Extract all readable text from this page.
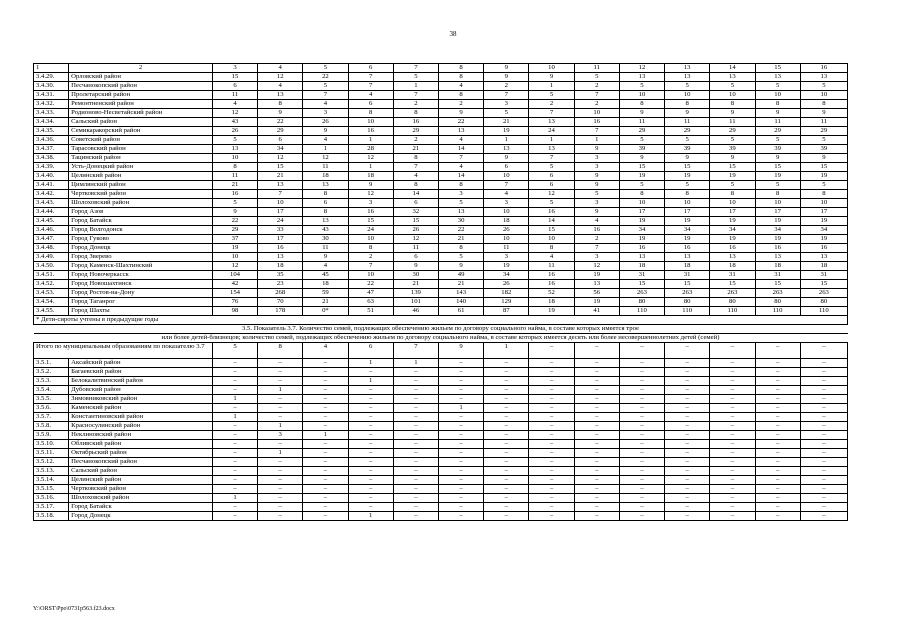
38
1	2	3	4	5	6	7	8	9	10	11	12	13	14	15	16
3.4.29.	Орловский район	15	12	22	7	5	8	9	9	5	13	13	13	13	13
3.4.30.	Песчанокопский район	6	4	5	7	1	4	2	1	2	5	5	5	5	5
3.4.31.	Пролетарский район	11	13	7	4	7	8	7	5	7	10	10	10	10	10
3.4.32.	Ремонтненский район	4	8	4	6	2	2	3	2	2	8	8	8	8	8
3.4.33.	Родионово-Несветайский район	12	9	3	8	8	9	5	7	10	9	9	9	9	9
3.4.34.	Сальский район	43	22	26	10	16	22	21	13	16	11	11	11	11	11
3.4.35.	Семикаракорский район	26	29	9	16	29	13	19	24	7	29	29	29	29	29
3.4.36.	Советский район	5	6	4	1	2	4	1	1	1	5	5	5	5	5
3.4.37.	Тарасовский район	13	34	1	28	21	14	13	13	9	39	39	39	39	39
3.4.38.	Тацинский район	10	12	12	12	8	7	9	7	3	9	9	9	9	9
3.4.39.	Усть-Донецкий район	8	15	11	1	7	4	6	5	3	15	15	15	15	15
3.4.40.	Целинский район	11	21	18	18	4	14	10	6	9	19	19	19	19	19
3.4.41.	Цимлянский район	21	13	13	9	8	8	7	6	9	5	5	5	5	5
3.4.42.	Чертковский район	16	7	8	12	14	3	4	12	5	8	8	8	8	8
3.4.43.	Шолоховский район	5	10	6	3	6	5	3	5	3	10	10	10	10	10
3.4.44.	Город Азов	9	17	8	16	32	13	10	16	9	17	17	17	17	17
3.4.45.	Город Батайск	22	24	13	15	15	30	18	14	4	19	19	19	19	19
3.4.46.	Город Волгодонск	29	33	43	24	26	22	26	15	16	34	34	34	34	34
3.4.47.	Город Гуково	37	17	30	10	12	21	10	10	2	19	19	19	19	19
3.4.48.	Город Донецк	19	16	11	8	11	8	11	8	7	16	16	16	16	16
3.4.49.	Город Зверево	10	13	9	2	6	5	3	4	3	13	13	13	13	13
3.4.50.	Город Каменск-Шахтинский	12	18	4	7	9	9	19	11	12	18	18	18	18	18
3.4.51.	Город Новочеркасск	104	35	45	10	30	49	34	16	19	31	31	31	31	31
3.4.52.	Город Новошахтинск	42	23	18	22	21	21	26	16	13	15	15	15	15	15
3.4.53.	Город Ростов-на-Дону	154	268	59	47	139	143	182	52	56	263	263	263	263	263
3.4.54.	Город Таганрог	76	70	21	63	101	140	129	18	19	80	80	80	80	80
3.4.55.	Город Шахты	98	178	0*	51	46	61	87	19	41	110	110	110	110	110
* Дети-сироты учтены в предыдущие годы															
3.5. Показатель 3.7. Количество семей, подлежащих обеспечению жильем по договору социального найма, в составе которых имеется трое															
или более детей-близнецов; количество семей, подлежащих обеспечению жильем по договору социального найма, в составе которых имеется десять или более несовершеннолетних детей (семей)															
Итого по муниципальным образованиям по показателю 3.7		5	8	4	6	7	9	1	–	–	–	–	–	–	–
3.5.1.	Аксайский район	–	–	–	1	1	–	–	–	–	–	–	–	–	–
3.5.2.	Багаевский район	–	–	–	–	–	–	–	–	–	–	–	–	–	–
3.5.3.	Белокалитвинский район	–	–	–	1	–	–	–	–	–	–	–	–	–	–
3.5.4.	Дубовский район	–	1	–	–	–	–	–	–	–	–	–	–	–	–
3.5.5.	Зимовниковский район	1	–	–	–	–	–	–	–	–	–	–	–	–	–
3.5.6.	Каменский район	–	–	–	–	–	1	–	–	–	–	–	–	–	–
3.5.7.	Константиновский район	1	–	–	–	–	–	–	–	–	–	–	–	–	–
3.5.8.	Красносулинский район	–	1	–	–	–	–	–	–	–	–	–	–	–	–
3.5.9.	Неклиновский район	–	3	1	–	–	–	–	–	–	–	–	–	–	–
3.5.10.	Обливский район	–	–	–	–	–	–	–	–	–	–	–	–	–	–
3.5.11.	Октябрьский район	–	1	–	–	–	–	–	–	–	–	–	–	–	–
3.5.12.	Песчанокопский район	–	–	–	–	–	–	–	–	–	–	–	–	–	–
3.5.13.	Сальский район	–	–	–	–	–	–	–	–	–	–	–	–	–	–
3.5.14.	Целинский район	–	–	–	–	–	–	–	–	–	–	–	–	–	–
3.5.15.	Чертковский район	–	–	–	–	–	–	–	–	–	–	–	–	–	–
3.5.16.	Шолоховский район	1	–	–	–	–	–	–	–	–	–	–	–	–	–
3.5.17.	Город Батайск	–	–	–	–	–	–	–	–	–	–	–	–	–	–
3.5.18.	Город Донецк	–	–	–	1	–	–	–	–	–	–	–	–	–	–
Y:\ORST\Ppo\0731p563.f23.docx
